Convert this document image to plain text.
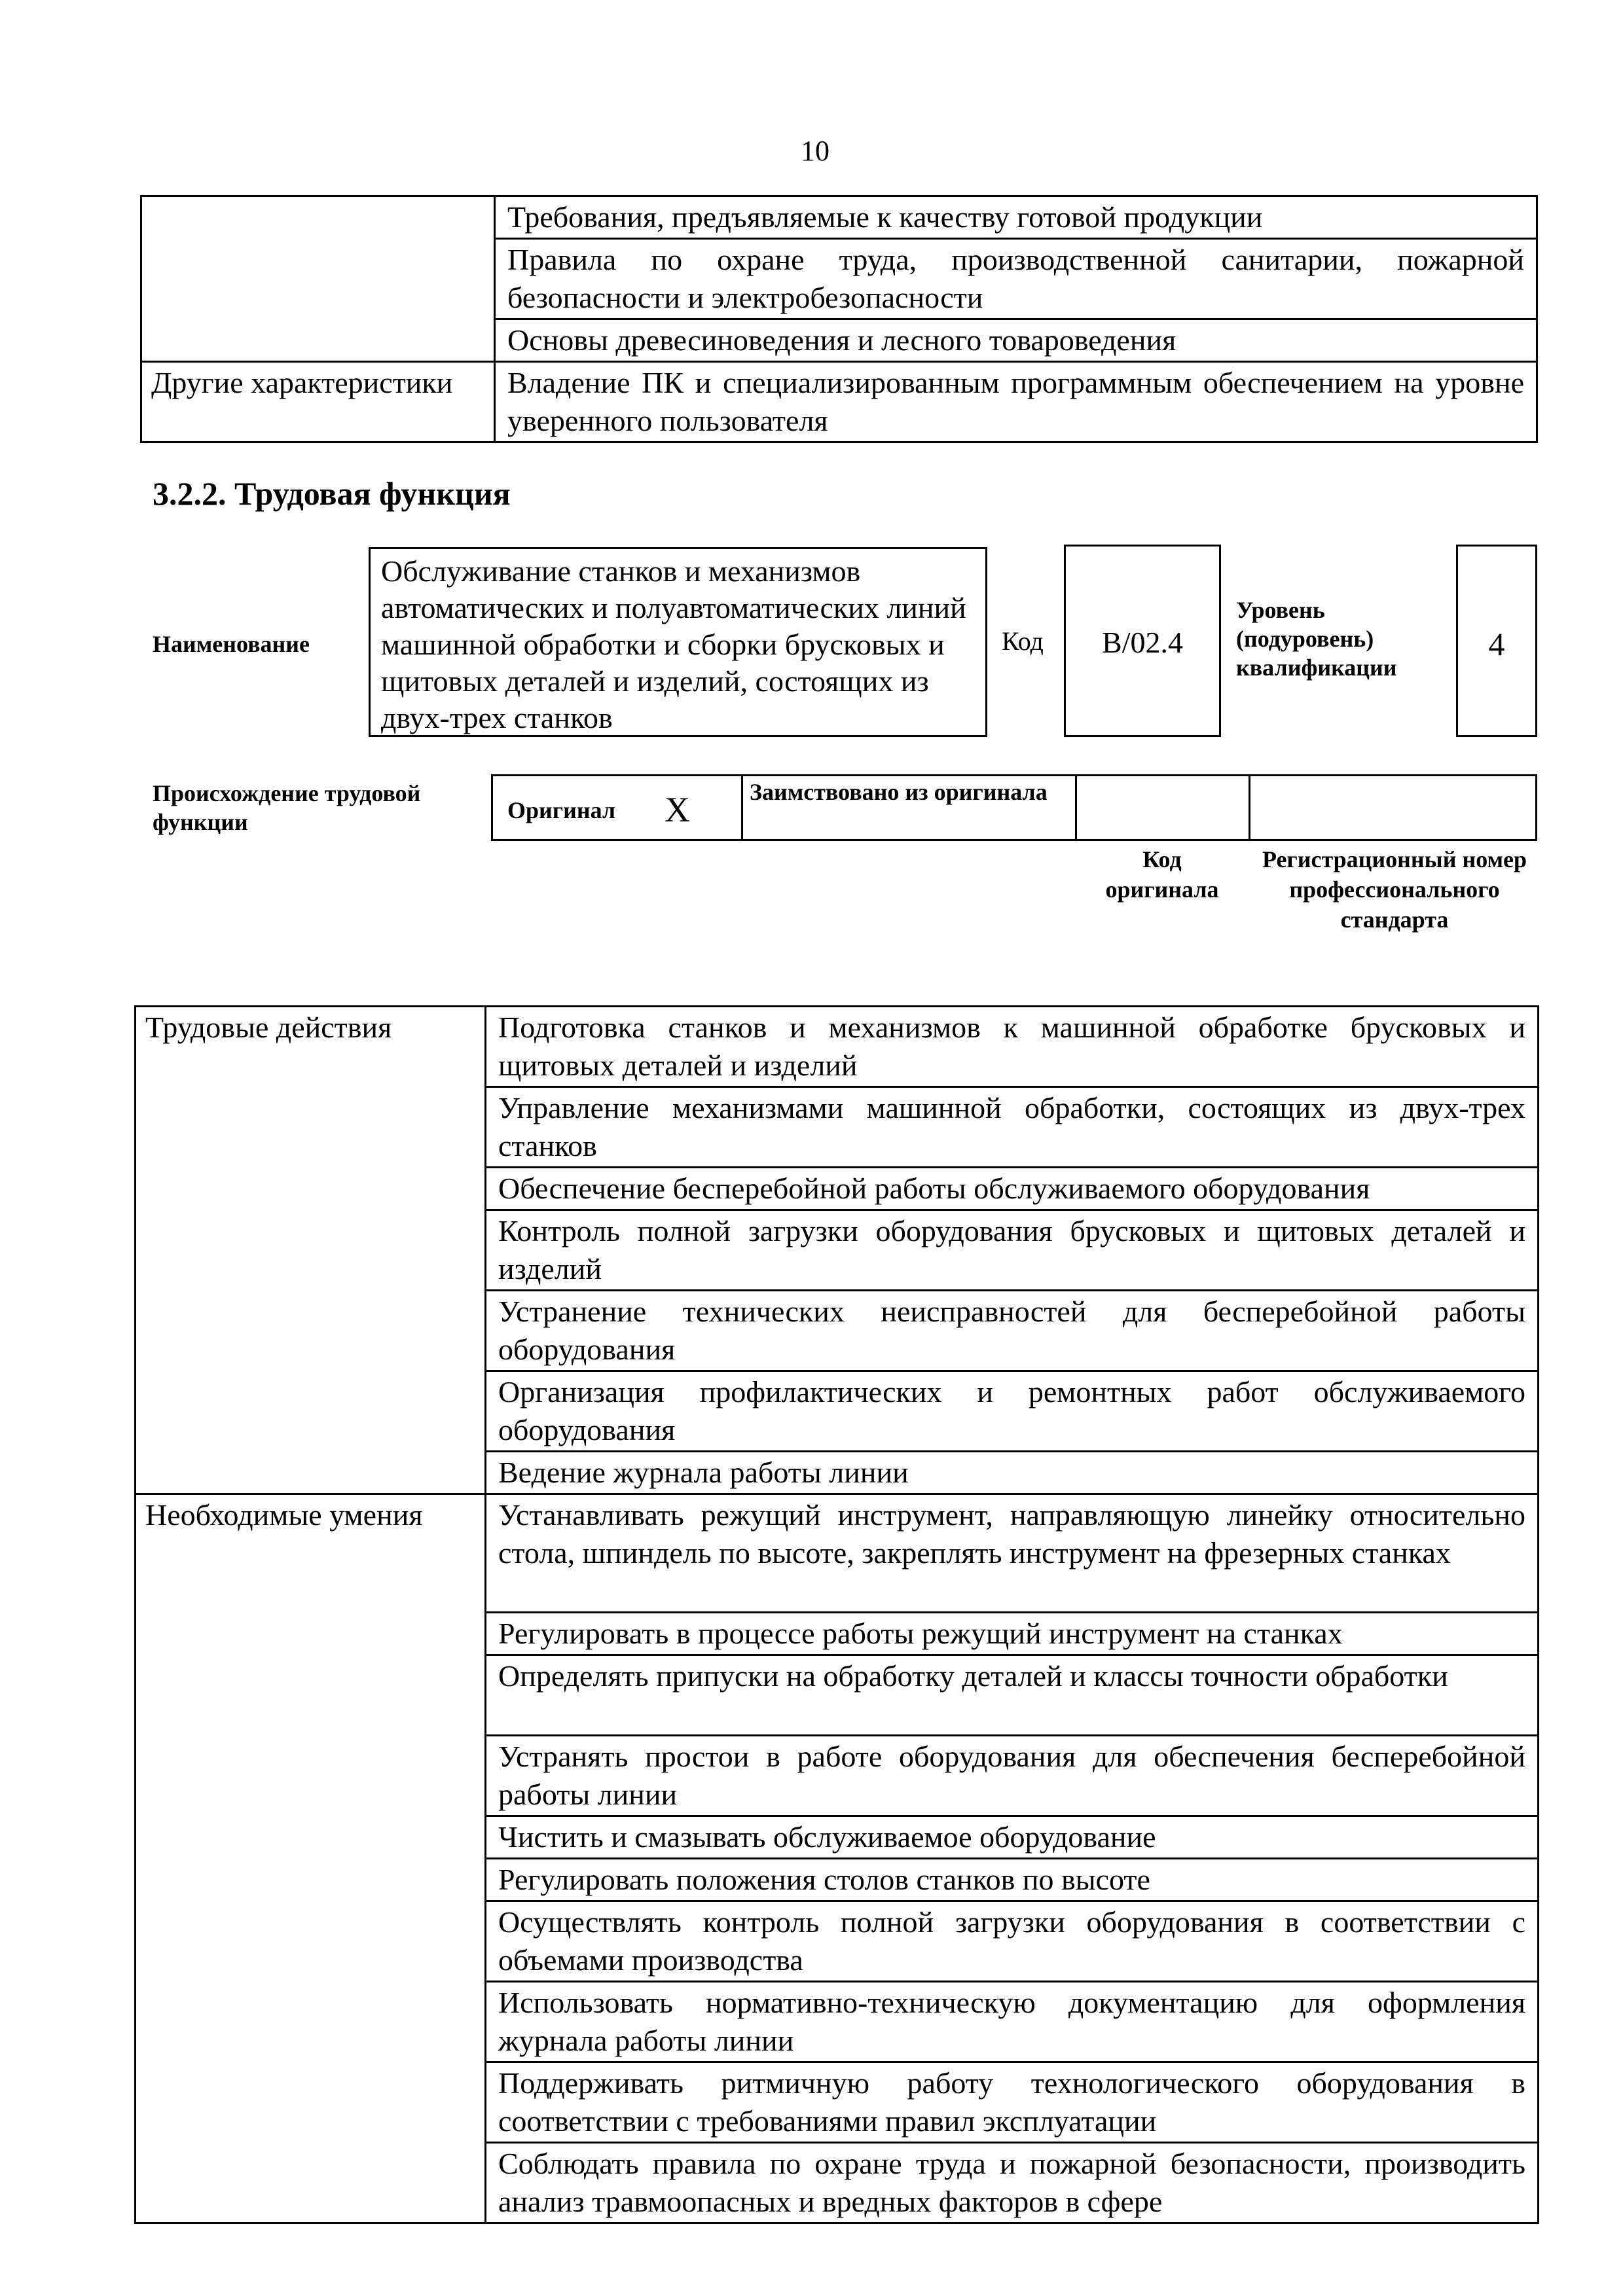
10
	Требования, предъявляемые к качеству готовой продукции
	Правила по охране труда, производственной санитарии, пожарной безопасности и электробезопасности
	Основы древесиноведения и лесного товароведения
Другие характеристики	Владение ПК и специализированным программным обеспечением на уровне уверенного пользователя
3.2.2. Трудовая функция
Наименование
Обслуживание станков и механизмов автоматических и полуавтоматических линий машинной обработки и сборки брусковых и щитовых деталей и изделий, состоящих из двух-трех станков
Код	B/02.4
Уровень (подуровень) квалификации
4
Происхождение трудовой функции	Оригинал X	Заимствовано из оригинала
Код оригинала
Регистрационный номер профессионального стандарта
Трудовые действия	Подготовка станков и механизмов к машинной обработке брусковых и щитовых деталей и изделий
	Управление механизмами машинной обработки, состоящих из двух-трех станков
	Обеспечение бесперебойной работы обслуживаемого оборудования
	Контроль полной загрузки оборудования брусковых и щитовых деталей и изделий
	Устранение технических неисправностей для бесперебойной работы оборудования
	Организация профилактических и ремонтных работ обслуживаемого оборудования
	Ведение журнала работы линии
Необходимые умения	Устанавливать режущий инструмент, направляющую линейку относительно стола, шпиндель по высоте, закреплять инструмент на фрезерных станках
	Регулировать в процессе работы режущий инструмент на станках
	Определять припуски на обработку деталей и классы точности обработки
	Устранять простои в работе оборудования для обеспечения бесперебойной работы линии
	Чистить и смазывать обслуживаемое оборудование
	Регулировать положения столов станков по высоте
	Осуществлять контроль полной загрузки оборудования в соответствии с объемами производства
	Использовать нормативно-техническую документацию для оформления журнала работы линии
	Поддерживать ритмичную работу технологического оборудования в соответствии с требованиями правил эксплуатации
	Соблюдать правила по охране труда и пожарной безопасности, производить анализ травмоопасных и вредных факторов в сфере
